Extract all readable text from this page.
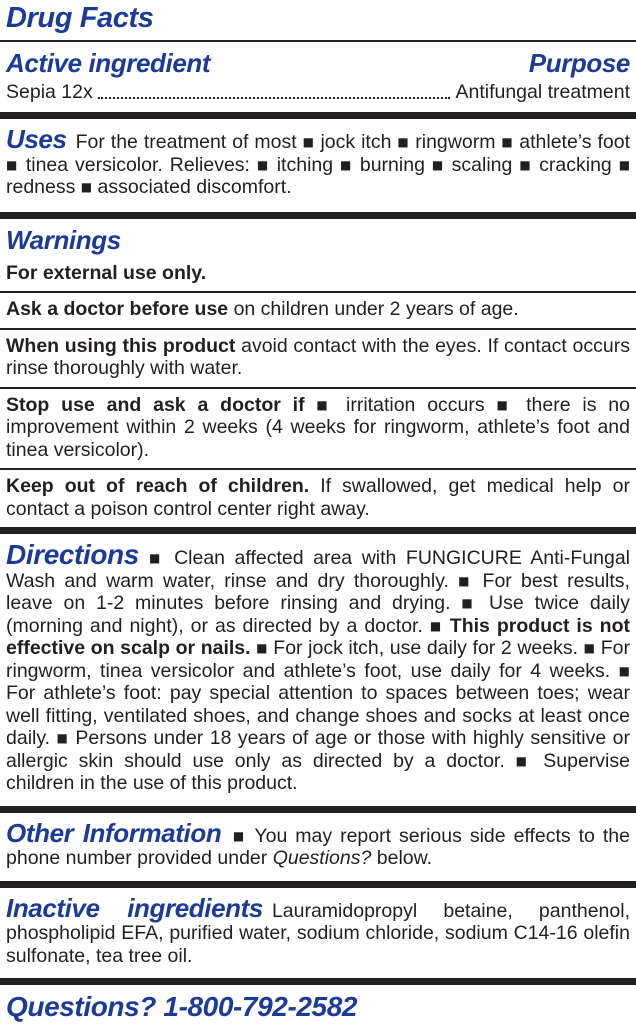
Drug Facts
Active ingredient	Purpose
Sepia 12x	Antifungal treatment

Uses For the treatment of most ■ jock itch ■ ringworm ■ athlete’s foot ■ tinea versicolor. Relieves: ■ itching ■ burning ■ scaling ■ cracking ■ redness ■ associated discomfort.

Warnings

For external use only.

Ask a doctor before use on children under 2 years of age.

When using this product avoid contact with the eyes. If contact occurs rinse thoroughly with water.

Stop use and ask a doctor if ■ irritation occurs ■ there is no improvement within 2 weeks (4 weeks for ringworm, athlete’s foot and tinea versicolor).

Keep out of reach of children. If swallowed, get medical help or contact a poison control center right away.

Directions ■ Clean affected area with FUNGICURE Anti-Fungal Wash and warm water, rinse and dry thoroughly. ■ For best results, leave on 1-2 minutes before rinsing and drying. ■ Use twice daily (morning and night), or as directed by a doctor. ■ This product is not effective on scalp or nails. ■ For jock itch, use daily for 2 weeks. ■ For ringworm, tinea versicolor and athlete’s foot, use daily for 4 weeks. ■ For athlete’s foot: pay special attention to spaces between toes; wear well fitting, ventilated shoes, and change shoes and socks at least once daily. ■ Persons under 18 years of age or those with highly sensitive or allergic skin should use only as directed by a doctor. ■ Supervise children in the use of this product.

Other Information ■ You may report serious side effects to the phone number provided under Questions? below.

Inactive ingredients Lauramidopropyl betaine, panthenol, phospholipid EFA, purified water, sodium chloride, sodium C14-16 olefin sulfonate, tea tree oil.

Questions? 1-800-792-2582
